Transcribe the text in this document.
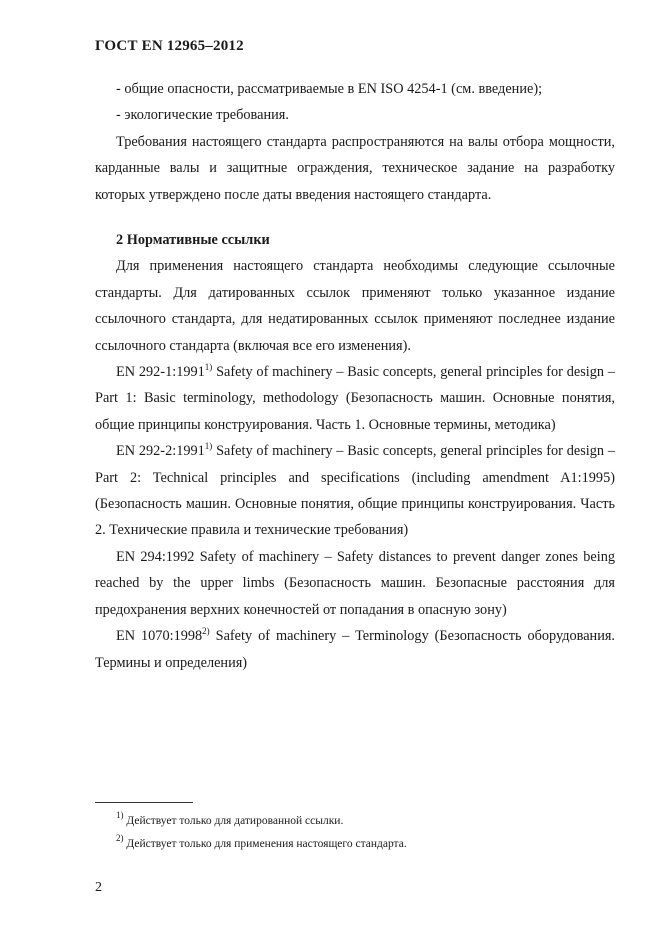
ГОСТ EN 12965–2012

- общие опасности, рассматриваемые в EN ISO 4254-1 (см. введение);

- экологические требования.

Требования настоящего стандарта распространяются на валы отбора мощности, карданные валы и защитные ограждения, техническое задание на разработку которых утверждено после даты введения настоящего стандарта.

2 Нормативные ссылки

Для применения настоящего стандарта необходимы следующие ссылочные стандарты. Для датированных ссылок применяют только указанное издание ссылочного стандарта, для недатированных ссылок применяют последнее издание ссылочного стандарта (включая все его изменения).

EN 292-1:1991$^{1)}$ Safety of machinery – Basic concepts, general principles for design – Part 1: Basic terminology, methodology (Безопасность машин. Основные понятия, общие принципы конструирования. Часть 1. Основные термины, методика)

EN 292-2:1991$^{1)}$ Safety of machinery – Basic concepts, general principles for design – Part 2: Technical principles and specifications (including amendment A1:1995) (Безопасность машин. Основные понятия, общие принципы конструирования. Часть 2. Технические правила и технические требования)

EN 294:1992 Safety of machinery – Safety distances to prevent danger zones being reached by the upper limbs (Безопасность машин. Безопасные расстояния для предохранения верхних конечностей от попадания в опасную зону)

EN 1070:1998$^{2)}$ Safety of machinery – Terminology (Безопасность оборудования. Термины и определения)

$^{1)}$ Действует только для датированной ссылки.

$^{2)}$ Действует только для применения настоящего стандарта.

2
